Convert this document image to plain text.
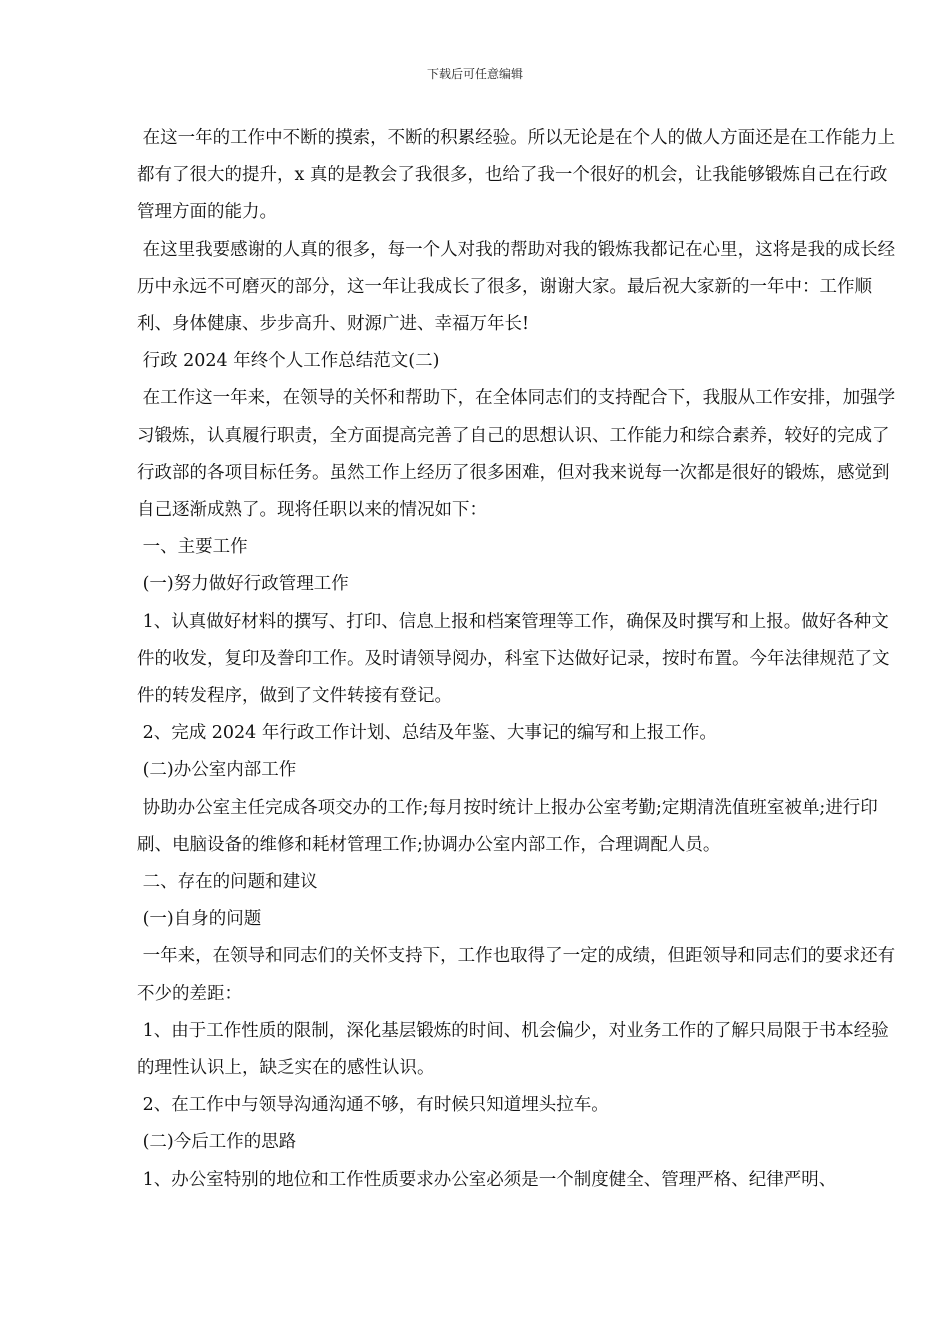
下载后可任意编辑

在这一年的工作中不断的摸索，不断的积累经验。所以无论是在个人的做人方面还是在工作能力上都有了很大的提升，x 真的是教会了我很多，也给了我一个很好的机会，让我能够锻炼自己在行政管理方面的能力。

在这里我要感谢的人真的很多，每一个人对我的帮助对我的锻炼我都记在心里，这将是我的成长经历中永远不可磨灭的部分，这一年让我成长了很多，谢谢大家。最后祝大家新的一年中：工作顺利、身体健康、步步高升、财源广进、幸福万年长!

行政 2024 年终个人工作总结范文(二)

在工作这一年来，在领导的关怀和帮助下，在全体同志们的支持配合下，我服从工作安排，加强学习锻炼，认真履行职责，全方面提高完善了自己的思想认识、工作能力和综合素养，较好的完成了行政部的各项目标任务。虽然工作上经历了很多困难，但对我来说每一次都是很好的锻炼，感觉到自己逐渐成熟了。现将任职以来的情况如下：

一、主要工作

(一)努力做好行政管理工作

1、认真做好材料的撰写、打印、信息上报和档案管理等工作，确保及时撰写和上报。做好各种文件的收发，复印及誊印工作。及时请领导阅办，科室下达做好记录，按时布置。今年法律规范了文件的转发程序，做到了文件转接有登记。

2、完成 2024 年行政工作计划、总结及年鉴、大事记的编写和上报工作。

(二)办公室内部工作

协助办公室主任完成各项交办的工作;每月按时统计上报办公室考勤;定期清洗值班室被单;进行印刷、电脑设备的维修和耗材管理工作;协调办公室内部工作，合理调配人员。

二、存在的问题和建议

(一)自身的问题

一年来，在领导和同志们的关怀支持下，工作也取得了一定的成绩，但距领导和同志们的要求还有不少的差距：

1、由于工作性质的限制，深化基层锻炼的时间、机会偏少，对业务工作的了解只局限于书本经验的理性认识上，缺乏实在的感性认识。

2、在工作中与领导沟通沟通不够，有时候只知道埋头拉车。

(二)今后工作的思路

1、办公室特别的地位和工作性质要求办公室必须是一个制度健全、管理严格、纪律严明、
